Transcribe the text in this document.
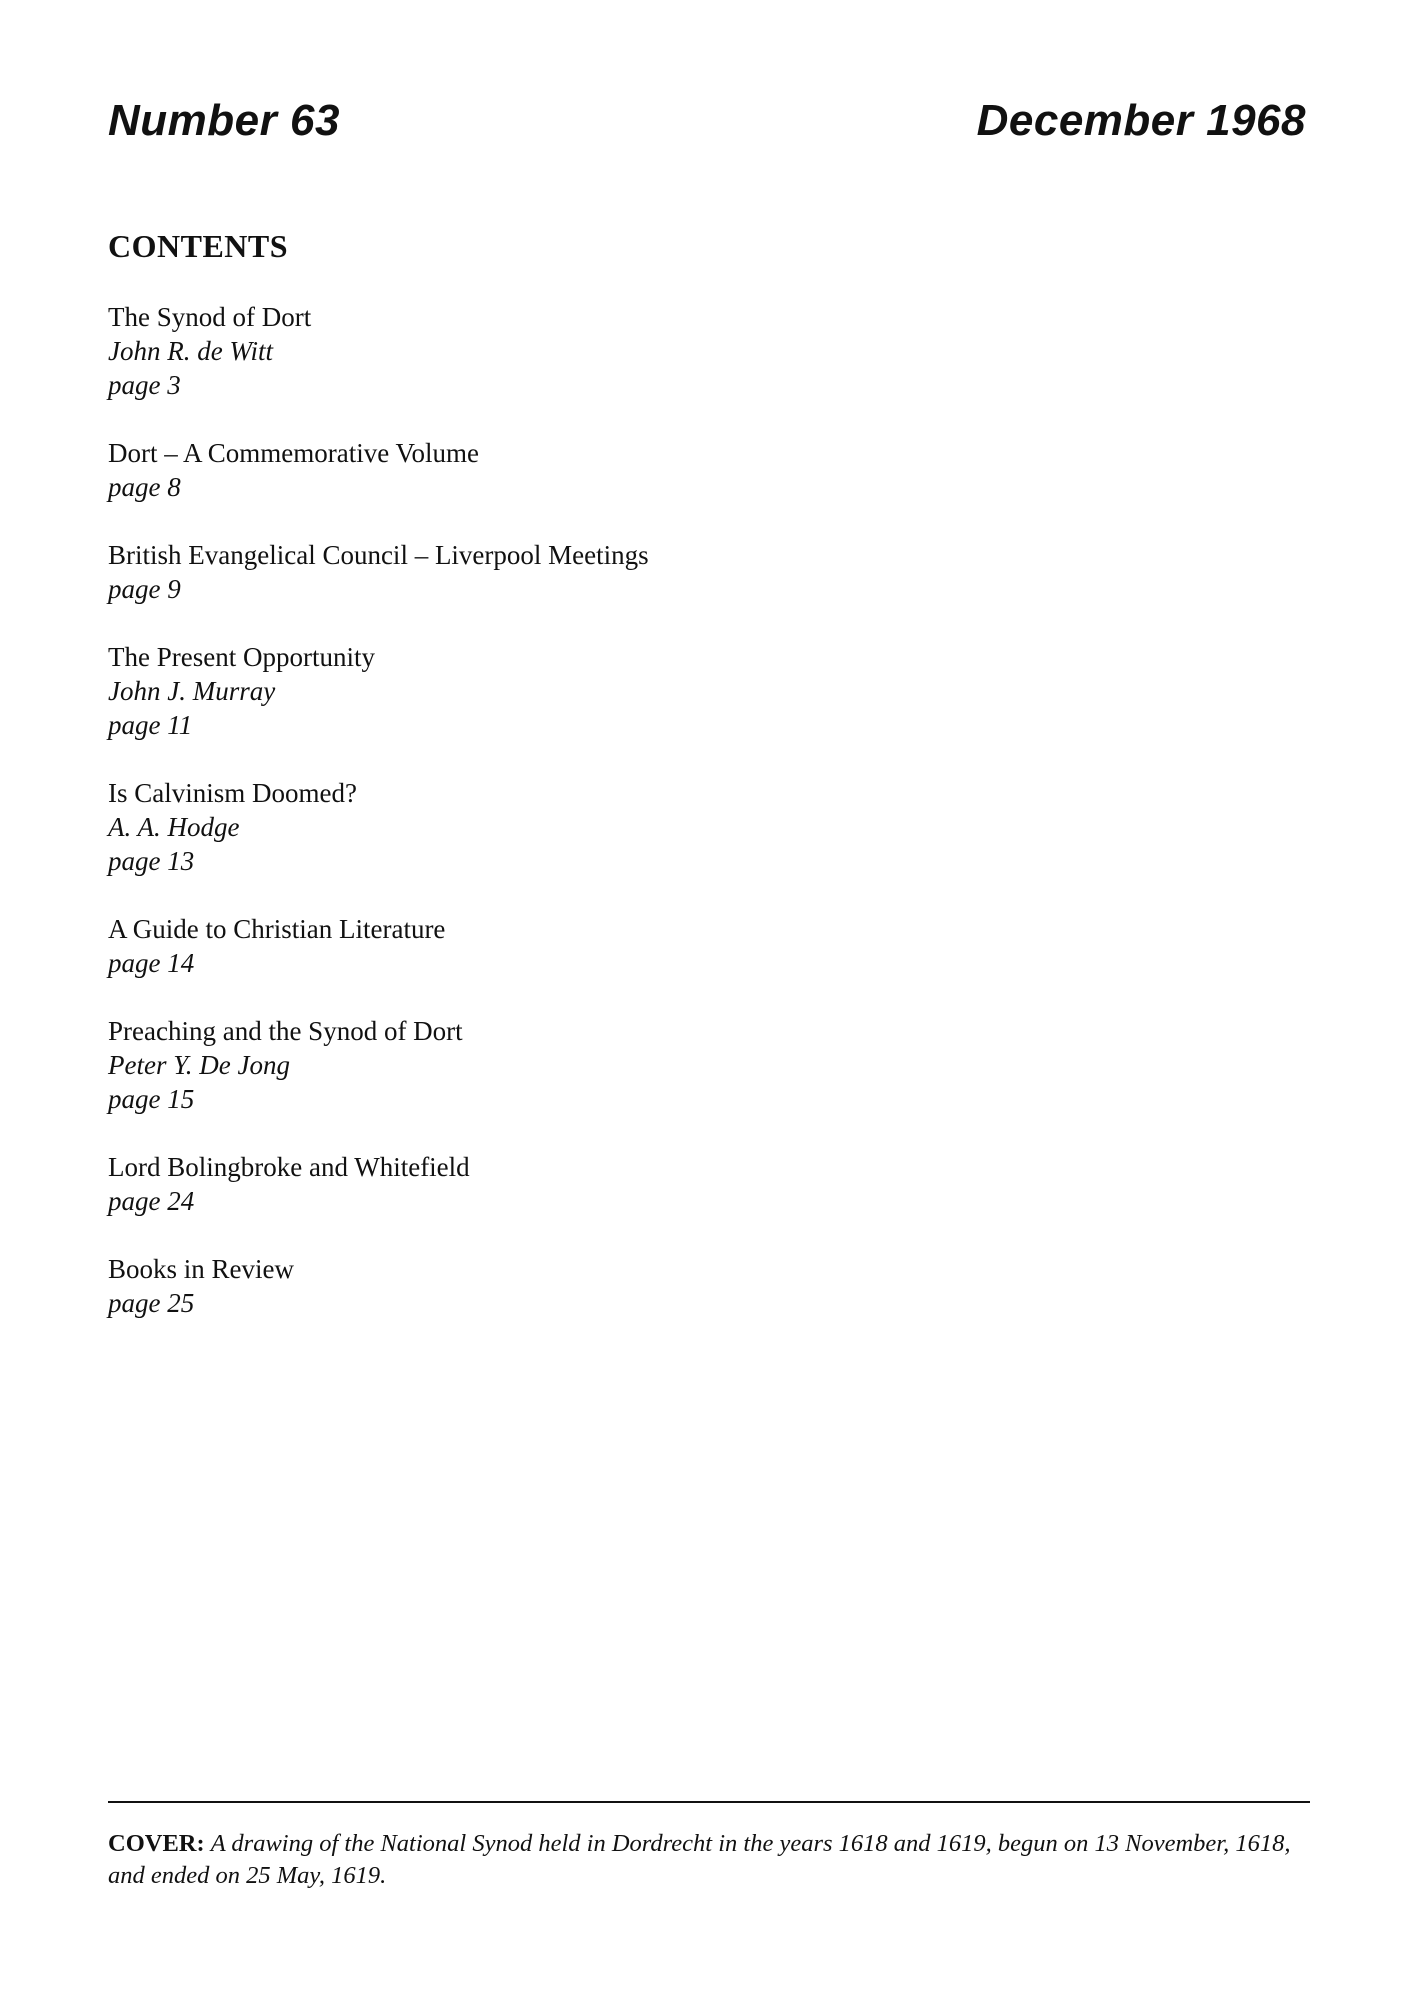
Number 63	December 1968
CONTENTS
The Synod of Dort
John R. de Witt
page 3
Dort – A Commemorative Volume
page 8
British Evangelical Council – Liverpool Meetings
page 9
The Present Opportunity
John J. Murray
page 11
Is Calvinism Doomed?
A. A. Hodge
page 13
A Guide to Christian Literature
page 14
Preaching and the Synod of Dort
Peter Y. De Jong
page 15
Lord Bolingbroke and Whitefield
page 24
Books in Review
page 25

COVER: A drawing of the National Synod held in Dordrecht in the years 1618 and 1619, begun on 13 November, 1618, and ended on 25 May, 1619.
